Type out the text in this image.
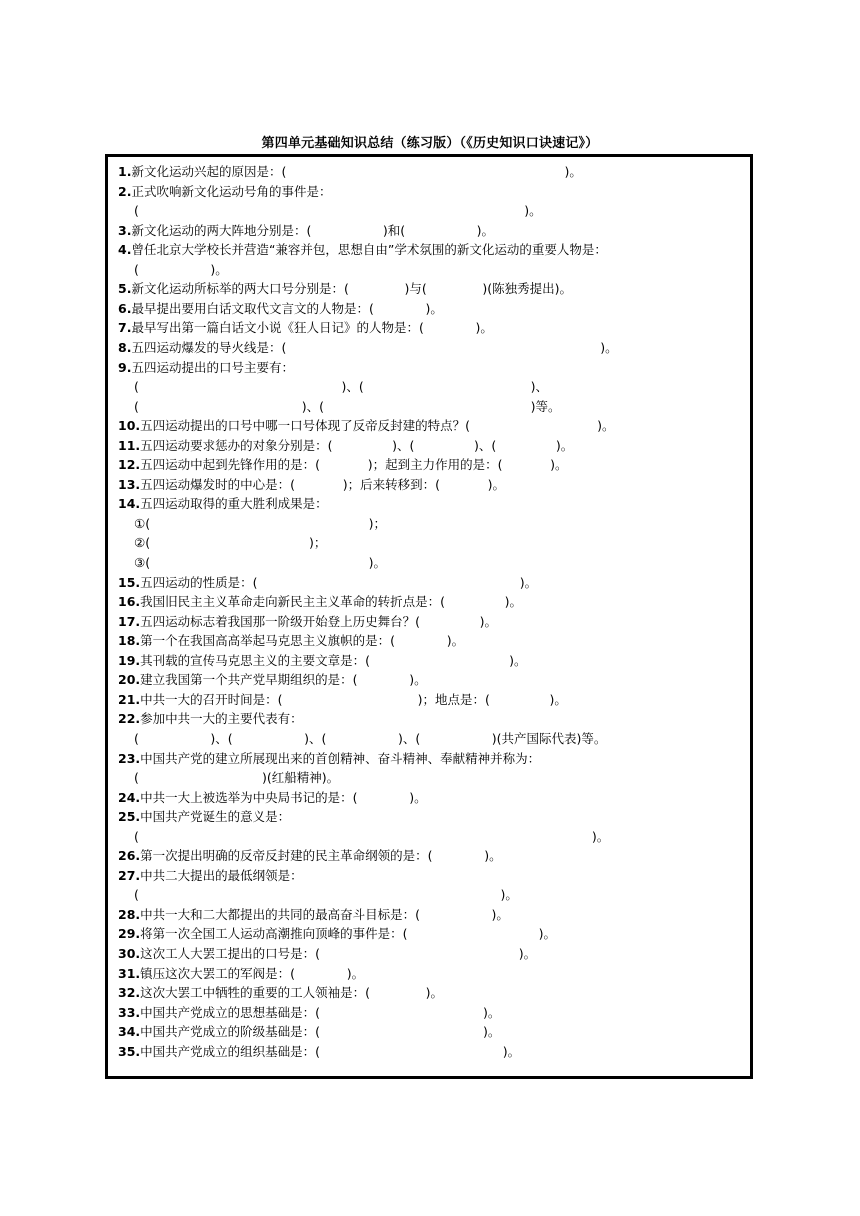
第四单元基础知识总结（练习版）（《历史知识口诀速记》）
1.新文化运动兴起的原因是：(                                                                      )。
2.正式吹响新文化运动号角的事件是：
(                                                                                                 )。
3.新文化运动的两大阵地分别是：(                  )和(                  )。
4.曾任北京大学校长并营造“兼容并包，思想自由”学术氛围的新文化运动的重要人物是：
(                  )。
5.新文化运动所标举的两大口号分别是：(              )与(              )(陈独秀提出)。
6.最早提出要用白话文取代文言文的人物是：(             )。
7.最早写出第一篇白话文小说《狂人日记》的人物是：(             )。
8.五四运动爆发的导火线是：(                                                                               )。
9.五四运动提出的口号主要有：
(                                                   )、(                                          )、
(                                         )、(                                                    )等。
10.五四运动提出的口号中哪一口号体现了反帝反封建的特点？(                                )。
11.五四运动要求惩办的对象分别是：(               )、(               )、(               )。
12.五四运动中起到先锋作用的是：(            )；起到主力作用的是：(            )。
13.五四运动爆发时的中心是：(            )；后来转移到：(            )。
14.五四运动取得的重大胜利成果是：
①(                                                       )；
②(                                        )；
③(                                                       )。
15.五四运动的性质是：(                                                                  )。
16.我国旧民主主义革命走向新民主主义革命的转折点是：(               )。
17.五四运动标志着我国那一阶级开始登上历史舞台？(               )。
18.第一个在我国高高举起马克思主义旗帜的是：(             )。
19.其刊载的宣传马克思主义的主要文章是：(                                   )。
20.建立我国第一个共产党早期组织的是：(             )。
21.中共一大的召开时间是：(                                  )；地点是：(               )。
22.参加中共一大的主要代表有：
(                  )、(                  )、(                  )、(                  )(共产国际代表)等。
23.中国共产党的建立所展现出来的首创精神、奋斗精神、奉献精神并称为：
(                               )(红船精神)。
24.中共一大上被选举为中央局书记的是：(             )。
25.中国共产党诞生的意义是：
(                                                                                                                  )。
26.第一次提出明确的反帝反封建的民主革命纲领的是：(             )。
27.中共二大提出的最低纲领是：
(                                                                                           )。
28.中共一大和二大都提出的共同的最高奋斗目标是：(                  )。
29.将第一次全国工人运动高潮推向顶峰的事件是：(                                 )。
30.这次工人大罢工提出的口号是：(                                                  )。
31.镇压这次大罢工的军阀是：(             )。
32.这次大罢工中牺牲的重要的工人领袖是：(              )。
33.中国共产党成立的思想基础是：(                                         )。
34.中国共产党成立的阶级基础是：(                                         )。
35.中国共产党成立的组织基础是：(                                              )。
